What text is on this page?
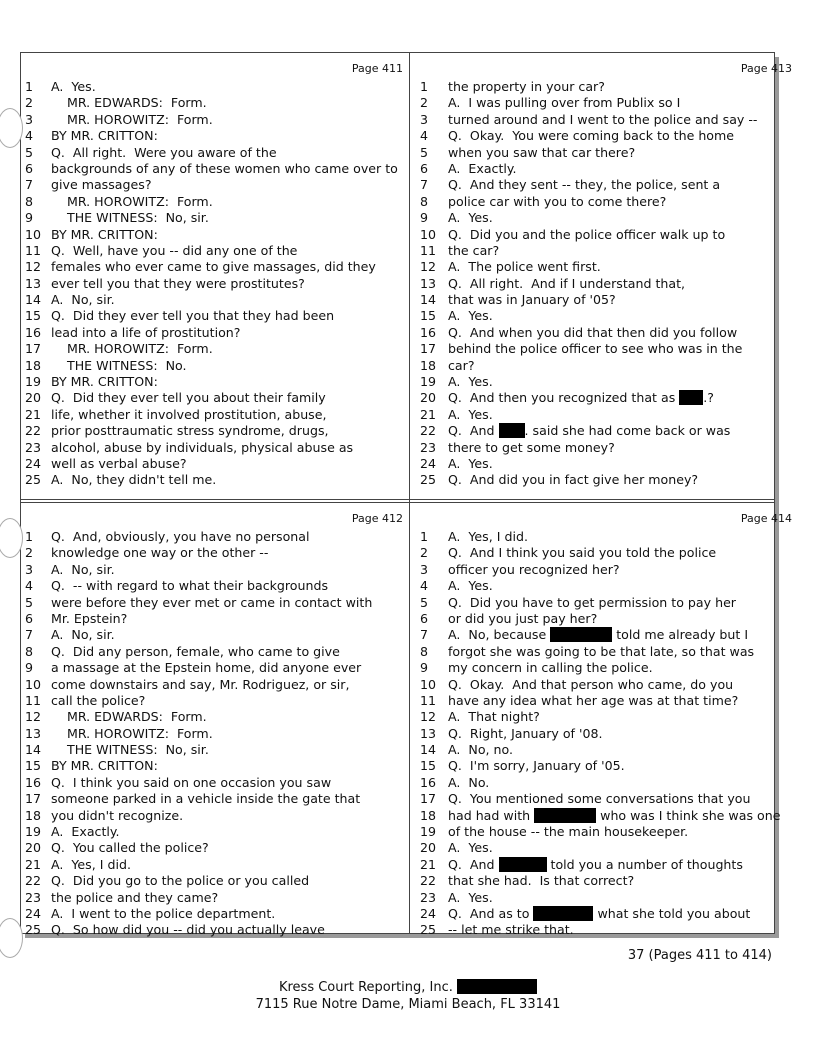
Page 411
1	A.  Yes.
2	MR. EDWARDS:  Form.
3	MR. HOROWITZ:  Form.
4	BY MR. CRITTON:
5	Q.  All right.  Were you aware of the
6	backgrounds of any of these women who came over to
7	give massages?
8	MR. HOROWITZ:  Form.
9	THE WITNESS:  No, sir.
10 BY MR. CRITTON:
11 Q.  Well, have you -- did any one of the
12 females who ever came to give massages, did they
13 ever tell you that they were prostitutes?
14 A.  No, sir.
15 Q.  Did they ever tell you that they had been
16 lead into a life of prostitution?
17 MR. HOROWITZ:  Form.
18 THE WITNESS:  No.
19 BY MR. CRITTON:
20 Q.  Did they ever tell you about their family
21 life, whether it involved prostitution, abuse,
22 prior posttraumatic stress syndrome, drugs,
23 alcohol, abuse by individuals, physical abuse as
24 well as verbal abuse?
25 A.  No, they didn't tell me.
Page 413
1	the property in your car?
2	A.  I was pulling over from Publix so I
3	turned around and I went to the police and say --
4	Q.  Okay.  You were coming back to the home
5	when you saw that car there?
6	A.  Exactly.
7	Q.  And they sent -- they, the police, sent a
8	police car with you to come there?
9	A.  Yes.
10 Q.  Did you and the police officer walk up to
11 the car?
12 A.  The police went first.
13 Q.  All right.  And if I understand that,
14 that was in January of '05?
15 A.  Yes.
16 Q.  And when you did that then did you follow
17 behind the police officer to see who was in the
18 car?
19 A.  Yes.
20 Q.  And then you recognized that as .?
21 A.  Yes.
22 Q.  And . said she had come back or was
23 there to get some money?
24 A.  Yes.
25 Q.  And did you in fact give her money?
Page 412
1	Q.  And, obviously, you have no personal
2	knowledge one way or the other --
3	A.  No, sir.
4	Q.  -- with regard to what their backgrounds
5	were before they ever met or came in contact with
6	Mr. Epstein?
7	A.  No, sir.
8	Q.  Did any person, female, who came to give
9	a massage at the Epstein home, did anyone ever
10 come downstairs and say, Mr. Rodriguez, or sir,
11 call the police?
12 MR. EDWARDS:  Form.
13 MR. HOROWITZ:  Form.
14 THE WITNESS:  No, sir.
15 BY MR. CRITTON:
16 Q.  I think you said on one occasion you saw
17 someone parked in a vehicle inside the gate that
18 you didn't recognize.
19 A.  Exactly.
20 Q.  You called the police?
21 A.  Yes, I did.
22 Q.  Did you go to the police or you called
23 the police and they came?
24 A.  I went to the police department.
25 Q.  So how did you -- did you actually leave
Page 414
1	A.  Yes, I did.
2	Q.  And I think you said you told the police
3	officer you recognized her?
4	A.  Yes.
5	Q.  Did you have to get permission to pay her
6	or did you just pay her?
7	A.  No, because	told me already but I
8	forgot she was going to be that late, so that was
9	my concern in calling the police.
10 Q.  Okay.  And that person who came, do you
11 have any idea what her age was at that time?
12 A.  That night?
13 Q.  Right, January of '08.
14 A.  No, no.
15 Q.  I'm sorry, January of '05.
16 A.  No.
17 Q.  You mentioned some conversations that you
18 had had with	who was I think she was one
19 of the house -- the main housekeeper.
20 A.  Yes.
21 Q.  And	told you a number of thoughts
22 that she had.  Is that correct?
23 A.  Yes.
24 Q.  And as to	what she told you about
25 -- let me strike that.
37 (Pages 411 to 414)
Kress Court Reporting, Inc.
7115 Rue Notre Dame, Miami Beach, FL 33141
